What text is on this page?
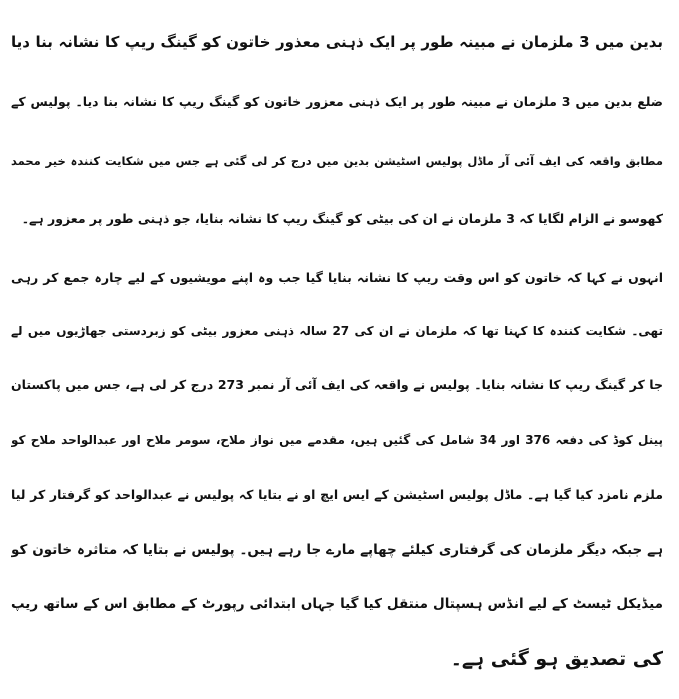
بدین میں 3 ملزمان نے مبینہ طور پر ایک ذہنی معذور خاتون کو گینگ ریپ کا نشانہ بنا دیا
ضلع بدین میں 3 ملزمان نے مبینہ طور پر ایک ذہنی معزور خاتون کو گینگ ریپ کا نشانہ بنا دیا۔ پولیس کے
مطابق واقعہ کی ایف آئی آر ماڈل پولیس اسٹیشن بدین میں درج کر لی گئی ہے جس میں شکایت کنندہ خیر محمد
کھوسو نے الزام لگایا کہ 3 ملزمان نے ان کی بیٹی کو گینگ ریپ کا نشانہ بنایا، جو ذہنی طور پر معزور ہے۔
انہوں نے کہا کہ خاتون کو اس وقت ریپ کا نشانہ بنایا گیا جب وہ اپنے مویشیوں کے لیے چارہ جمع کر رہی
تھی۔ شکایت کنندہ کا کہنا تھا کہ ملزمان نے ان کی 27 سالہ ذہنی معزور بیٹی کو زبردستی جھاڑیوں میں لے
جا کر گینگ ریپ کا نشانہ بنایا۔ پولیس نے واقعہ کی ایف آئی آر نمبر 273 درج کر لی ہے، جس میں پاکستان
پینل کوڈ کی دفعہ 376 اور 34 شامل کی گئیں ہیں، مقدمے میں نواز ملاح، سومر ملاح اور عبدالواحد ملاح کو
ملزم نامزد کیا گیا ہے۔ ماڈل پولیس اسٹیشن کے ایس ایچ او نے بتایا کہ پولیس نے عبدالواحد کو گرفتار کر لیا
ہے جبکہ دیگر ملزمان کی گرفتاری کیلئے چھاپے مارے جا رہے ہیں۔ پولیس نے بتایا کہ متاثرہ خاتون کو
میڈیکل ٹیسٹ کے لیے انڈس ہسپتال منتقل کیا گیا جہاں ابتدائی رپورٹ کے مطابق اس کے ساتھ ریپ
کی تصدیق ہو گئی ہے۔
